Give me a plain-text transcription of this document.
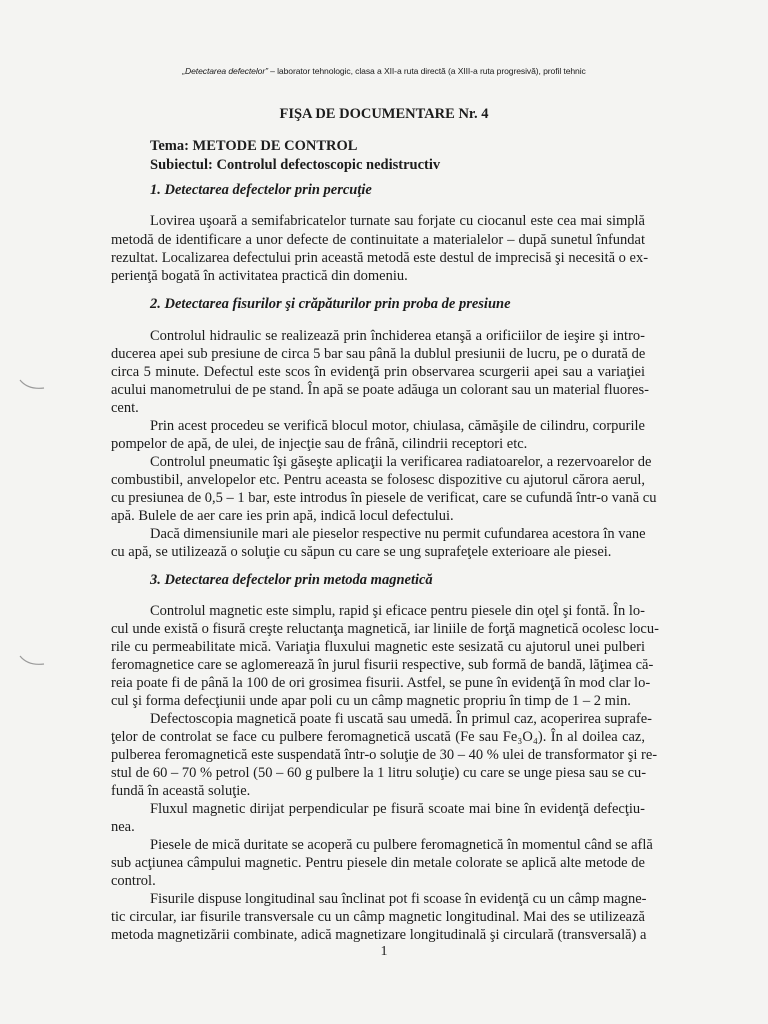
„Detectarea defectelor” – laborator tehnologic, clasa a XII-a ruta directă (a XIII-a ruta progresivă), profil tehnic
FIŞA DE DOCUMENTARE Nr. 4
Tema: METODE DE CONTROL
Subiectul: Controlul defectoscopic nedistructiv
1. Detectarea defectelor prin percuţie
Lovirea uşoară a semifabricatelor turnate sau forjate cu ciocanul este cea mai simplă
metodă de identificare a unor defecte de continuitate a materialelor – după sunetul înfundat
rezultat. Localizarea defectului prin această metodă este destul de imprecisă şi necesită o ex-
perienţă bogată în activitatea practică din domeniu.
2. Detectarea fisurilor şi crăpăturilor prin proba de presiune
Controlul hidraulic se realizează prin închiderea etanşă a orificiilor de ieşire şi intro-
ducerea apei sub presiune de circa 5 bar sau până la dublul presiunii de lucru, pe o durată de
circa 5 minute. Defectul este scos în evidenţă prin observarea scurgerii apei sau a variaţiei
acului manometrului de pe stand. În apă se poate adăuga un colorant sau un material fluores-
cent.
Prin acest procedeu se verifică blocul motor, chiulasa, cămăşile de cilindru, corpurile
pompelor de apă, de ulei, de injecţie sau de frână, cilindrii receptori etc.
Controlul pneumatic îşi găseşte aplicaţii la verificarea radiatoarelor, a rezervoarelor de
combustibil, anvelopelor etc. Pentru aceasta se folosesc dispozitive cu ajutorul cărora aerul,
cu presiunea de 0,5 – 1 bar, este introdus în piesele de verificat, care se cufundă într-o vană cu
apă. Bulele de aer care ies prin apă, indică locul defectului.
Dacă dimensiunile mari ale pieselor respective nu permit cufundarea acestora în vane
cu apă, se utilizează o soluţie cu săpun cu care se ung suprafeţele exterioare ale piesei.
3. Detectarea defectelor prin metoda magnetică
Controlul magnetic este simplu, rapid şi eficace pentru piesele din oţel şi fontă. În lo-
cul unde există o fisură creşte reluctanţa magnetică, iar liniile de forţă magnetică ocolesc locu-
rile cu permeabilitate mică. Variaţia fluxului magnetic este sesizată cu ajutorul unei pulberi
feromagnetice care se aglomerează în jurul fisurii respective, sub formă de bandă, lăţimea că-
reia poate fi de până la 100 de ori grosimea fisurii. Astfel, se pune în evidenţă în mod clar lo-
cul şi forma defecţiunii unde apar poli cu un câmp magnetic propriu în timp de 1 – 2 min.
Defectoscopia magnetică poate fi uscată sau umedă. În primul caz, acoperirea suprafe-
ţelor de controlat se face cu pulbere feromagnetică uscată (Fe sau Fe₃O₄). În al doilea caz,
pulberea feromagnetică este suspendată într-o soluţie de 30 – 40 % ulei de transformator şi re-
stul de 60 – 70 % petrol (50 – 60 g pulbere la 1 litru soluţie) cu care se unge piesa sau se cu-
fundă în această soluţie.
Fluxul magnetic dirijat perpendicular pe fisură scoate mai bine în evidenţă defecţiu-
nea.
Piesele de mică duritate se acoperă cu pulbere feromagnetică în momentul când se află
sub acţiunea câmpului magnetic. Pentru piesele din metale colorate se aplică alte metode de
control.
Fisurile dispuse longitudinal sau înclinat pot fi scoase în evidenţă cu un câmp magne-
tic circular, iar fisurile transversale cu un câmp magnetic longitudinal. Mai des se utilizează
metoda magnetizării combinate, adică magnetizare longitudinală şi circulară (transversală) a
1
